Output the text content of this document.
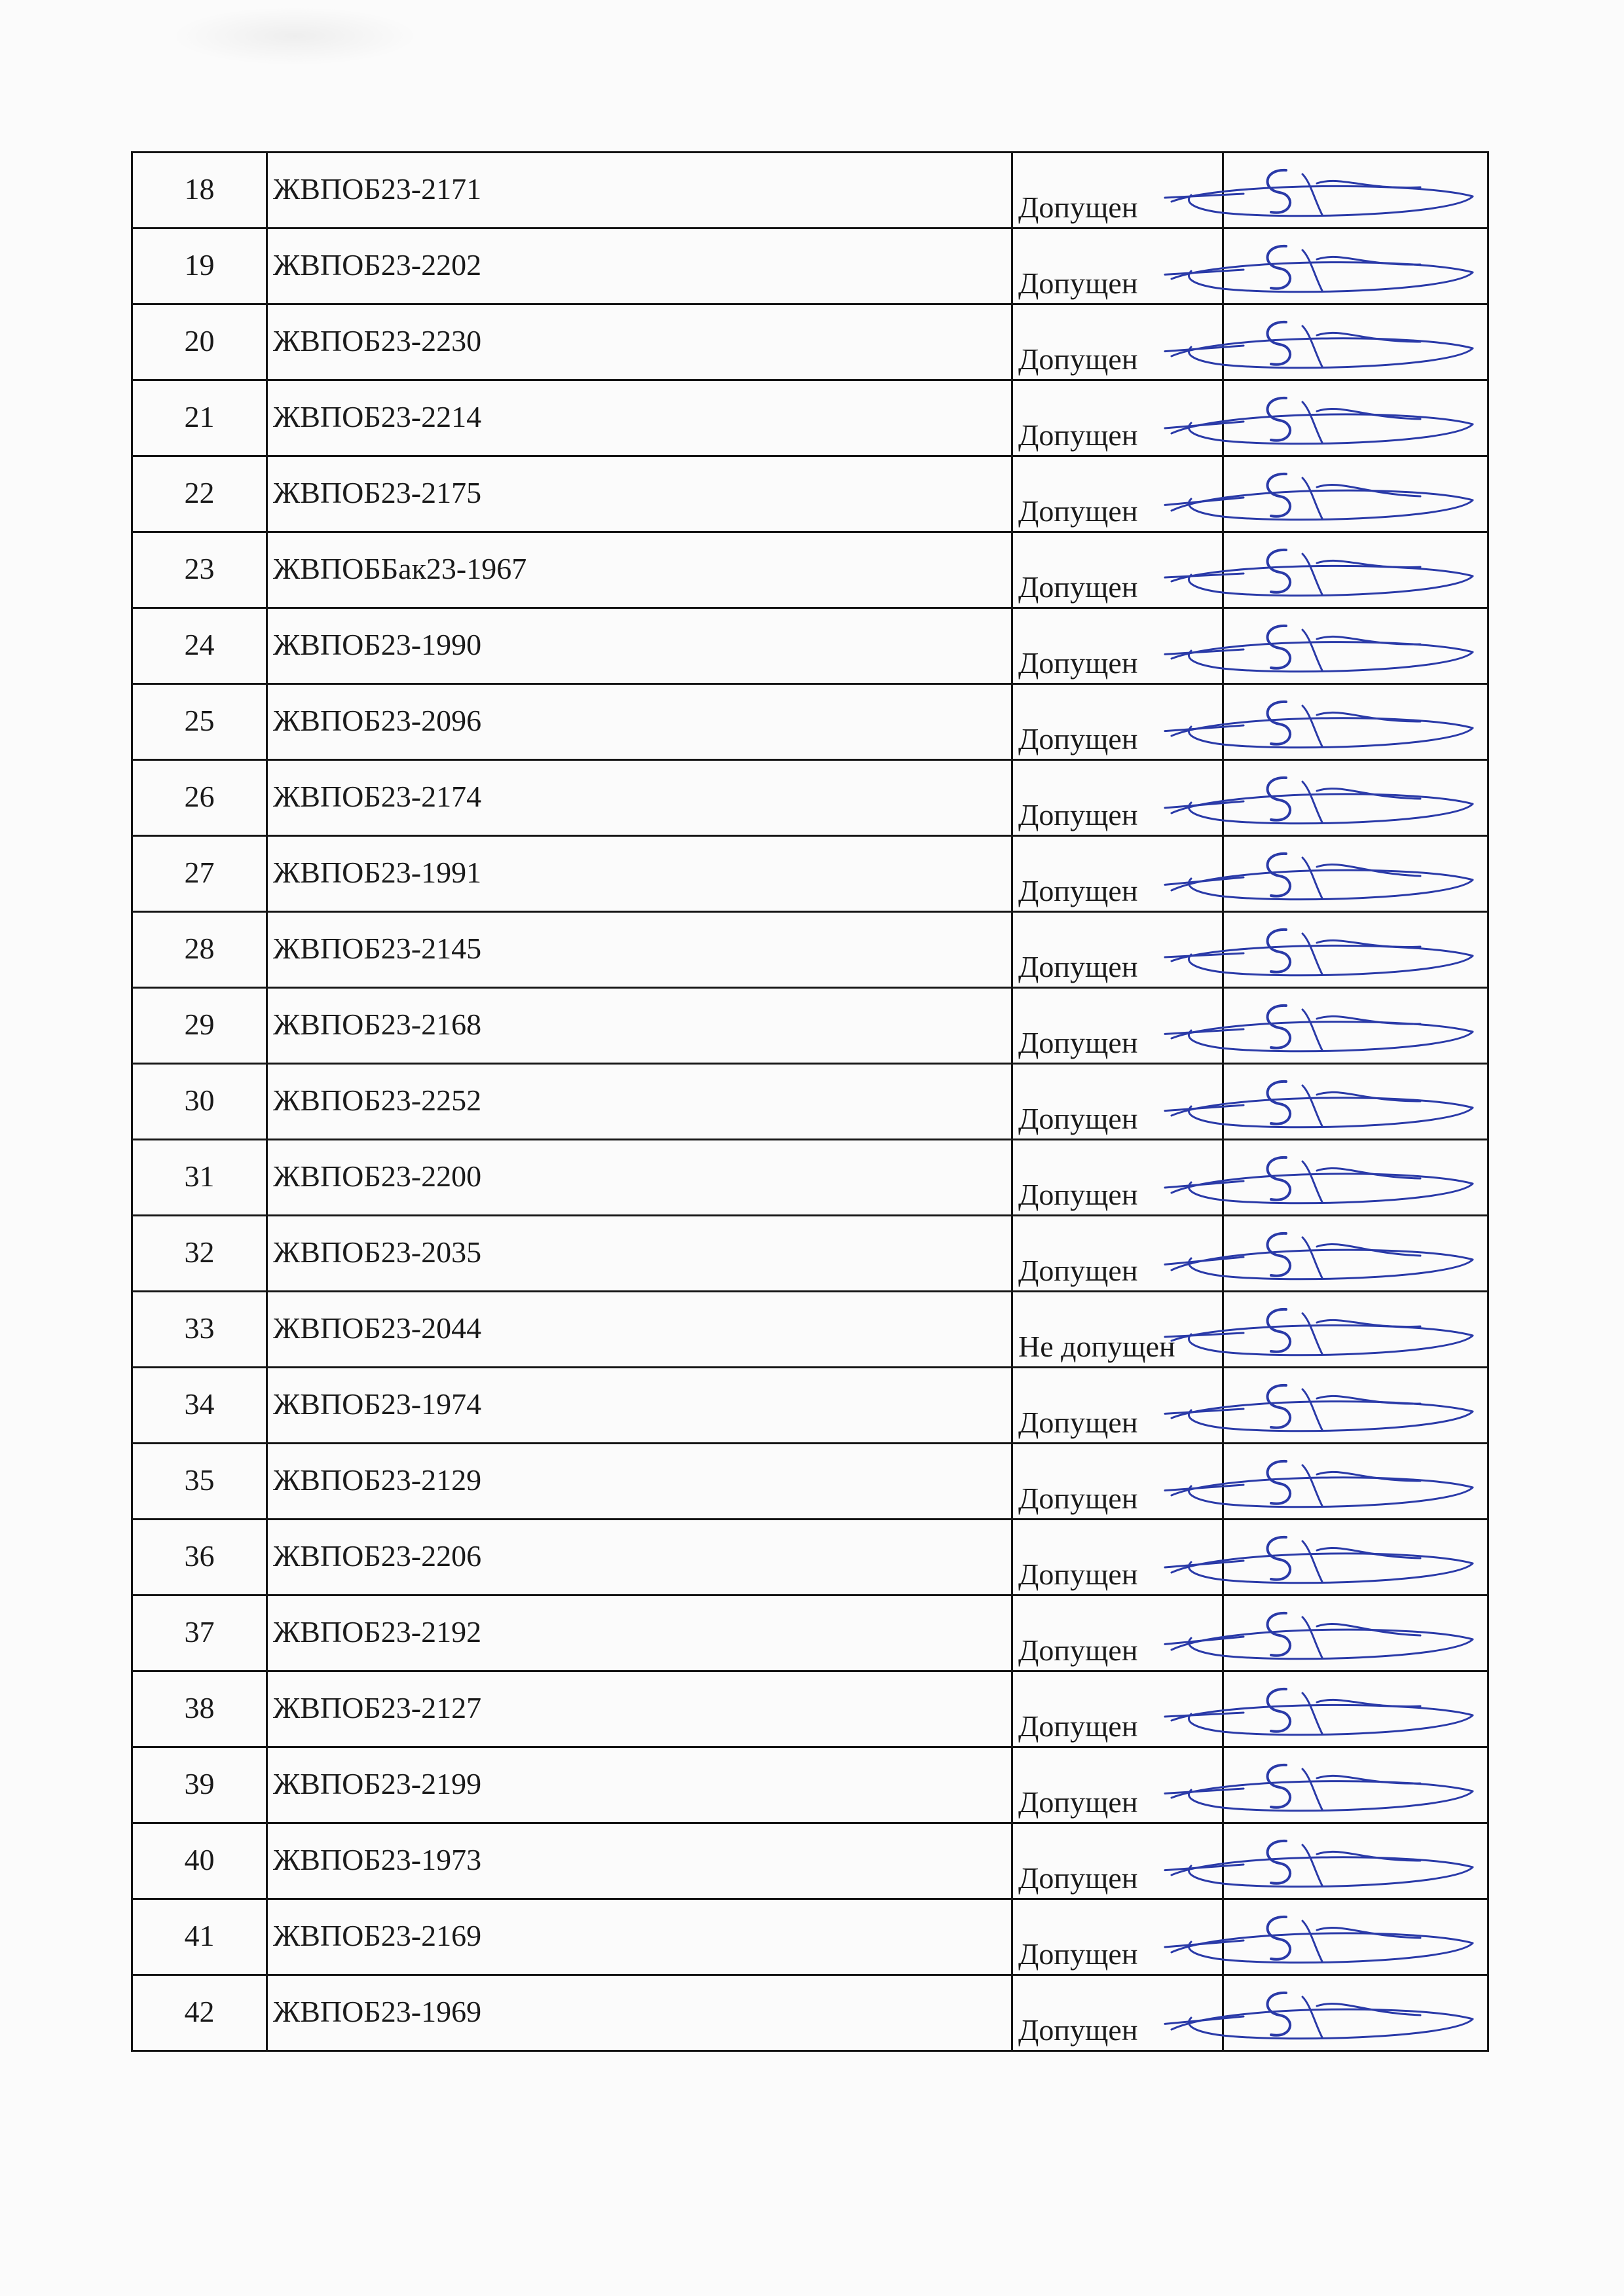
18	ЖВПОБ23-2171	Допущен

19	ЖВПОБ23-2202	Допущен

20	ЖВПОБ23-2230	Допущен

21	ЖВПОБ23-2214	Допущен

22	ЖВПОБ23-2175	Допущен

23	ЖВПОББак23-1967	Допущен

24	ЖВПОБ23-1990	Допущен

25	ЖВПОБ23-2096	Допущен

26	ЖВПОБ23-2174	Допущен

27	ЖВПОБ23-1991	Допущен

28	ЖВПОБ23-2145	Допущен

29	ЖВПОБ23-2168	Допущен

30	ЖВПОБ23-2252	Допущен

31	ЖВПОБ23-2200	Допущен

32	ЖВПОБ23-2035	Допущен

33	ЖВПОБ23-2044	Не допущен

34	ЖВПОБ23-1974	Допущен

35	ЖВПОБ23-2129	Допущен

36	ЖВПОБ23-2206	Допущен

37	ЖВПОБ23-2192	Допущен

38	ЖВПОБ23-2127	Допущен

39	ЖВПОБ23-2199	Допущен

40	ЖВПОБ23-1973	Допущен

41	ЖВПОБ23-2169	Допущен

42	ЖВПОБ23-1969	Допущен
